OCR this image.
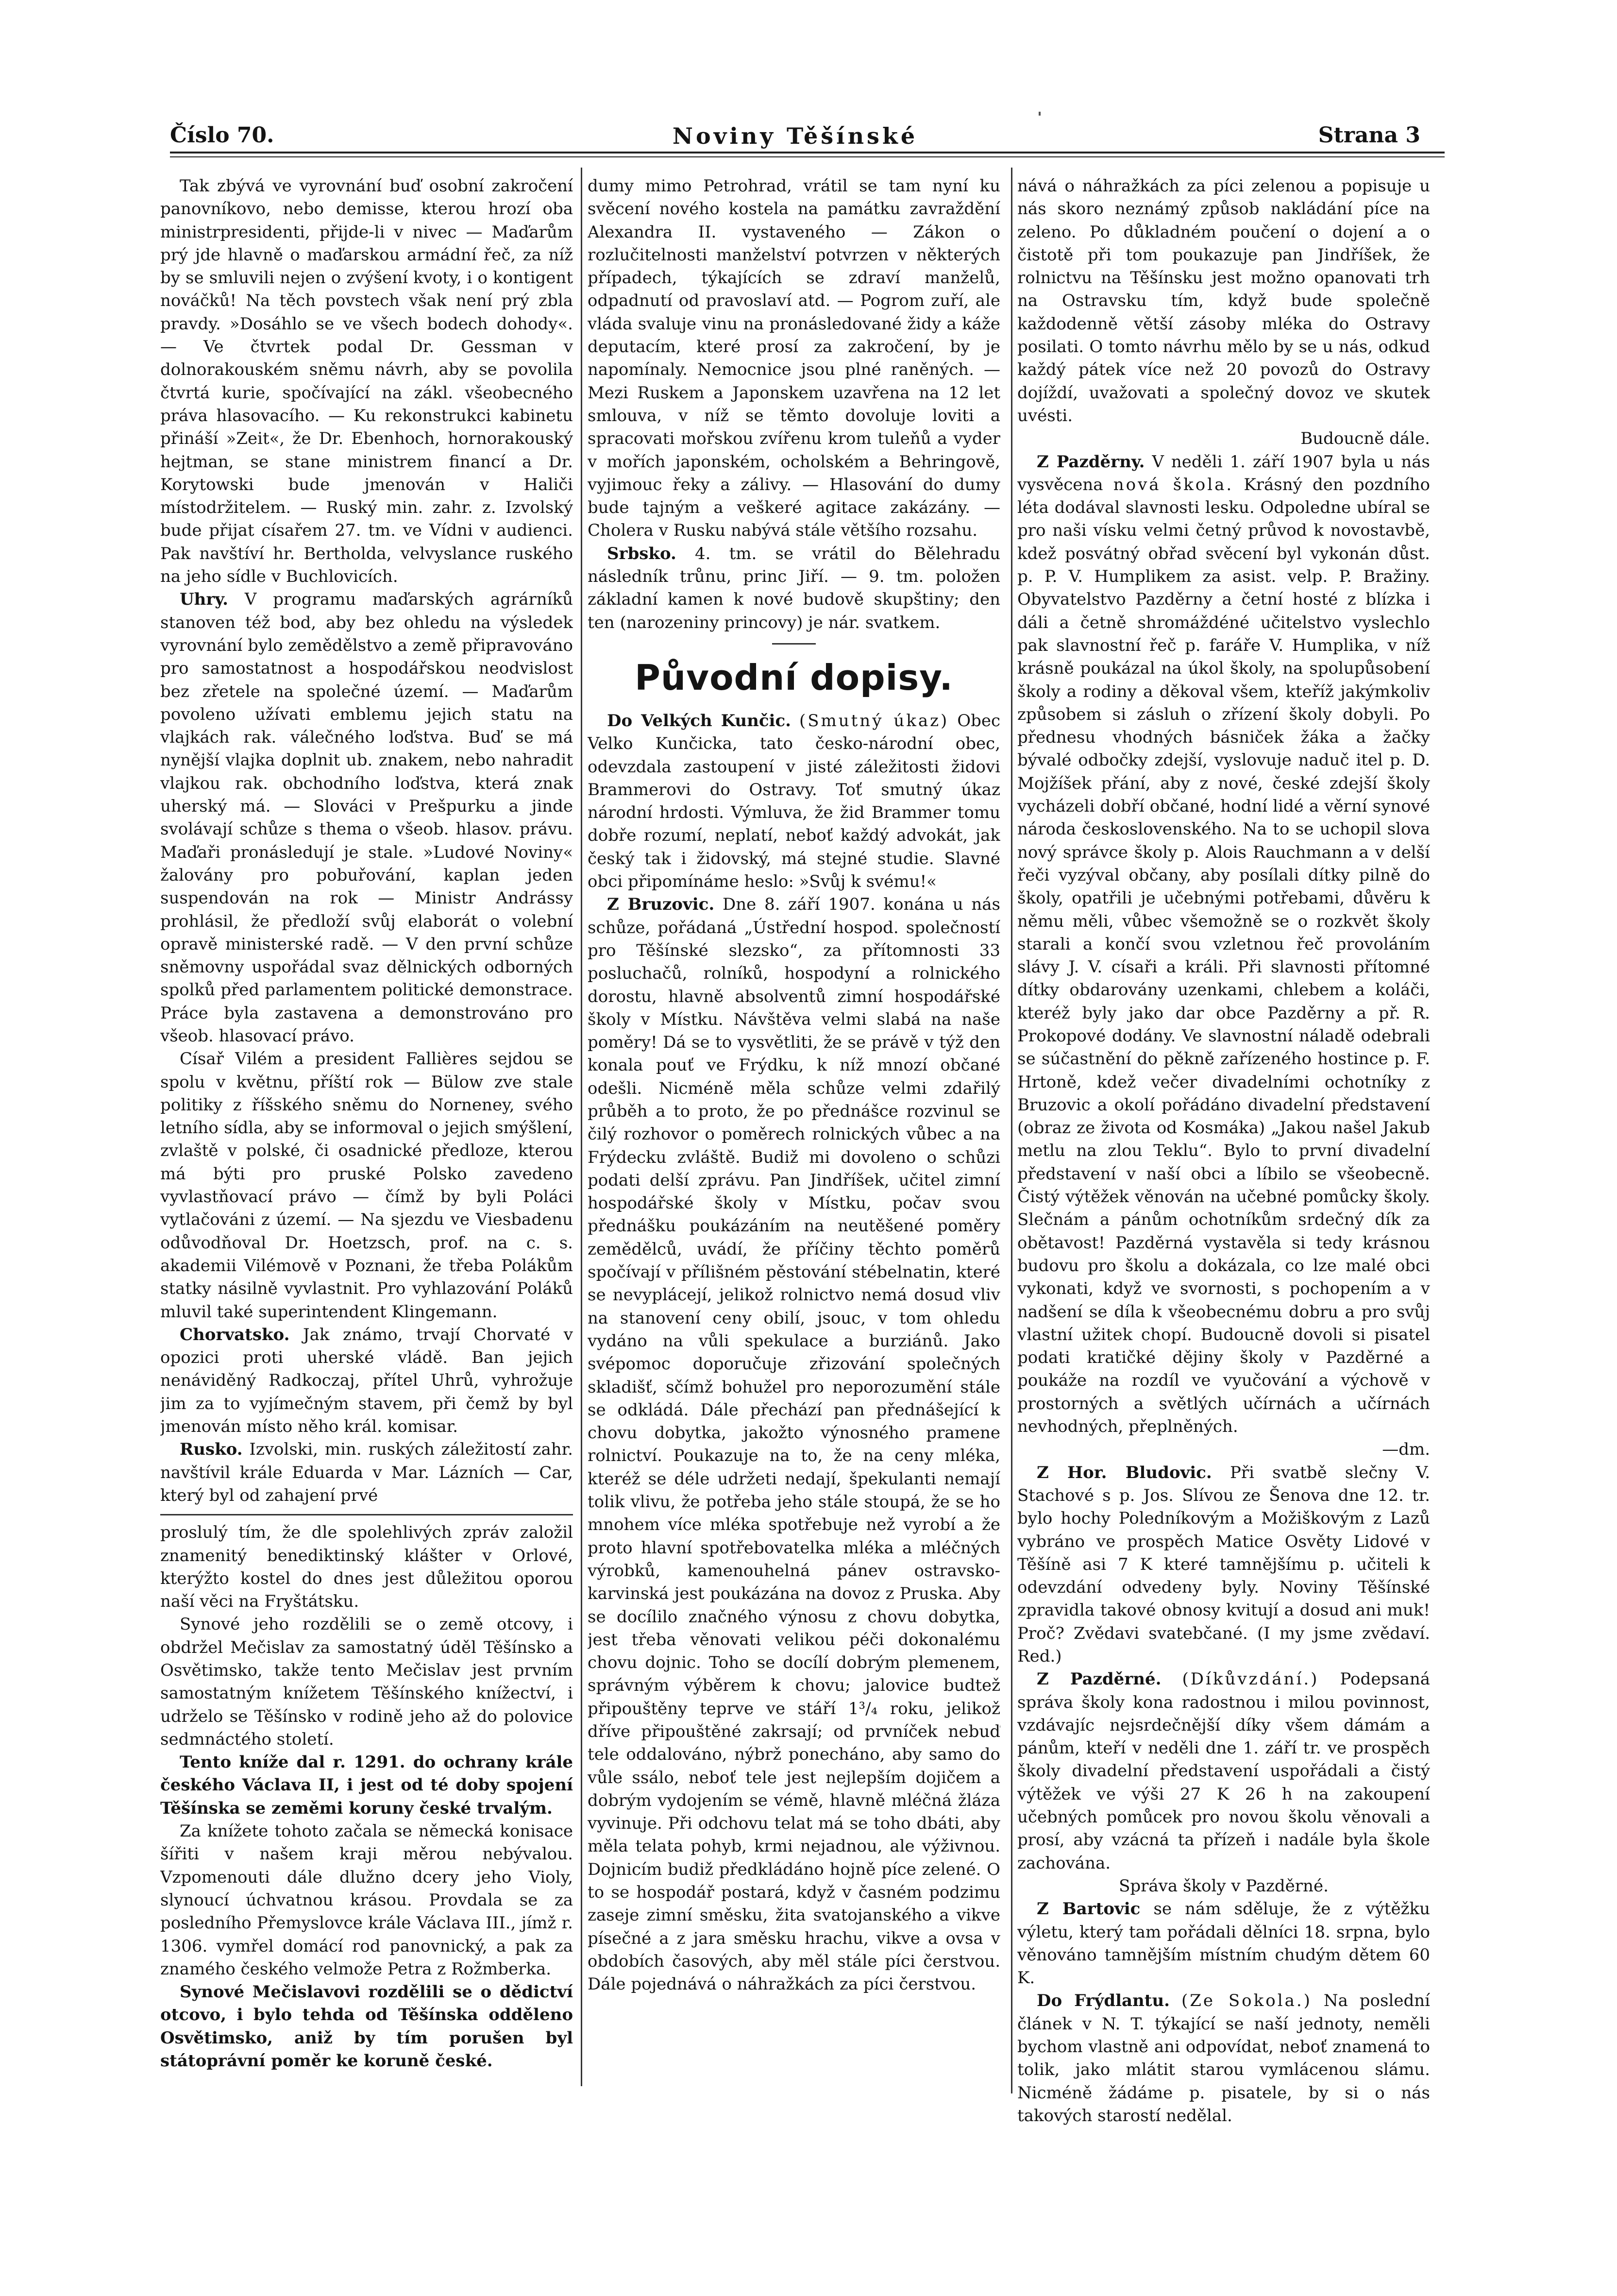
Číslo 70.	Noviny Těšínské	Strana 3

Tak zbývá ve vyrovnání buď osobní zakročení panovníkovo, nebo demisse, kterou hrozí oba ministrpresidenti, přijde-li v nivec — Maďarům prý jde hlavně o maďarskou armádní řeč, za níž by se smluvili nejen o zvýšení kvoty, i o kontigent nováčků! Na těch povstech však není prý zbla pravdy. »Dosáhlo se ve všech bodech dohody«. — Ve čtvrtek podal Dr. Gessman v dolnorakouském sněmu návrh, aby se povolila čtvrtá kurie, spočívající na zákl. všeobecného práva hlasovacího. — Ku rekonstrukci kabinetu přináší »Zeit«, že Dr. Ebenhoch, hornorakouský hejtman, se stane ministrem financí a Dr. Korytowski bude jmenován v Haliči místodržitelem. — Ruský min. zahr. z. Izvolský bude přijat císařem 27. tm. ve Vídni v audienci. Pak navštíví hr. Bertholda, velvyslance ruského na jeho sídle v Buchlovicích.

Uhry. V programu maďarských agrárníků stanoven též bod, aby bez ohledu na výsledek vyrovnání bylo zemědělstvo a země připravováno pro samostatnost a hospodářskou neodvislost bez zřetele na společné území. — Maďarům povoleno užívati emblemu jejich statu na vlajkách rak. válečného loďstva. Buď se má nynější vlajka doplnit ub. znakem, nebo nahradit vlajkou rak. obchodního loďstva, která znak uherský má. — Slováci v Prešpurku a jinde svolávají schůze s thema o všeob. hlasov. právu. Maďaři pronásledují je stale. »Ludové Noviny« žalovány pro pobuřování, kaplan jeden suspendován na rok — Ministr Andrássy prohlásil, že předloží svůj elaborát o volební opravě ministerské radě. — V den první schůze sněmovny uspořádal svaz dělnických odborných spolků před parlamentem politické demonstrace. Práce byla zastavena a demonstrováno pro všeob. hlasovací právo.

Císař Vilém a president Fallières sejdou se spolu v květnu, příští rok — Bülow zve stale politiky z říšského sněmu do Norneney, svého letního sídla, aby se informoval o jejich smýšlení, zvlaště v polské, či osadnické předloze, kterou má býti pro pruské Polsko zavedeno vyvlastňovací právo — čímž by byli Poláci vytlačováni z území. — Na sjezdu ve Viesbadenu odůvodňoval Dr. Hoetzsch, prof. na c. s. akademii Vilémově v Poznani, že třeba Polákům statky násilně vyvlastnit. Pro vyhlazování Poláků mluvil také superintendent Klingemann.

Chorvatsko. Jak známo, trvají Chorvaté v opozici proti uherské vládě. Ban jejich nenáviděný Radkoczaj, přítel Uhrů, vyhrožuje jim za to vyjímečným stavem, při čemž by byl jmenován místo něho král. komisar.

Rusko. Izvolski, min. ruských záležitostí zahr. navštívil krále Eduarda v Mar. Lázních — Car, který byl od zahajení prvé

proslulý tím, že dle spolehlivých zpráv založil znamenitý benediktinský klášter v Orlové, kterýžto kostel do dnes jest důležitou oporou naší věci na Fryštátsku.

Synové jeho rozdělili se o země otcovy, i obdržel Mečislav za samostatný úděl Těšínsko a Osvětimsko, takže tento Mečislav jest prvním samostatným knížetem Těšínského knížectví, i udrželo se Těšínsko v rodině jeho až do polovice sedmnáctého století.

Tento kníže dal r. 1291. do ochrany krále českého Václava II, i jest od té doby spojení Těšínska se zeměmi koruny české trvalým.

Za knížete tohoto začala se německá konisace šířiti v našem kraji měrou nebývalou. Vzpomenouti dále dlužno dcery jeho Violy, slynoucí úchvatnou krásou. Provdala se za posledního Přemyslovce krále Václava III., jímž r. 1306. vymřel domácí rod panovnický, a pak za znamého českého velmože Petra z Rožmberka.

Synové Mečislavovi rozdělili se o dědictví otcovo, i bylo tehda od Těšínska odděleno Osvětimsko, aniž by tím porušen byl státoprávní poměr ke koruně české.

dumy mimo Petrohrad, vrátil se tam nyní ku svěcení nového kostela na památku zavraždění Alexandra II. vystaveného — Zákon o rozlučitelnosti manželství potvrzen v některých případech, týkajících se zdraví manželů, odpadnutí od pravoslaví atd. — Pogrom zuří, ale vláda svaluje vinu na pronásledované židy a káže deputacím, které prosí za zakročení, by je napomínaly. Nemocnice jsou plné raněných. — Mezi Ruskem a Japonskem uzavřena na 12 let smlouva, v níž se těmto dovoluje loviti a spracovati mořskou zvířenu krom tuleňů a vyder v mořích japonském, ocholském a Behringově, vyjimouc řeky a zálivy. — Hlasování do dumy bude tajným a veškeré agitace zakázány. — Cholera v Rusku nabývá stále většího rozsahu.

Srbsko. 4. tm. se vrátil do Bělehradu následník trůnu, princ Jiří. — 9. tm. položen základní kamen k nové budově skupštiny; den ten (narozeniny princovy) je nár. svatkem.

Původní dopisy.

Do Velkých Kunčic. (Smutný úkaz) Obec Velko Kunčicka, tato česko-národní obec, odevzdala zastoupení v jisté záležitosti židovi Brammerovi do Ostravy. Toť smutný úkaz národní hrdosti. Výmluva, že žid Brammer tomu dobře rozumí, neplatí, neboť každý advokát, jak český tak i židovský, má stejné studie. Slavné obci připomínáme heslo: »Svůj k svému!«

Z Bruzovic. Dne 8. září 1907. konána u nás schůze, pořádaná „Ústřední hospod. společností pro Těšínské slezsko“, za přítomnosti 33 posluchačů, rolníků, hospodyní a rolnického dorostu, hlavně absolventů zimní hospodářské školy v Místku. Návštěva velmi slabá na naše poměry! Dá se to vysvětliti, že se právě v týž den konala pouť ve Frýdku, k níž mnozí občané odešli. Nicméně měla schůze velmi zdařilý průběh a to proto, že po přednášce rozvinul se čilý rozhovor o poměrech rolnických vůbec a na Frýdecku zvláště. Budiž mi dovoleno o schůzi podati delší zprávu. Pan Jindříšek, učitel zimní hospodářské školy v Místku, počav svou přednášku poukázáním na neutěšené poměry zemědělců, uvádí, že příčiny těchto poměrů spočívají v přílišném pěstování stébelnatin, které se nevyplácejí, jelikož rolnictvo nemá dosud vliv na stanovení ceny obilí, jsouc, v tom ohledu vydáno na vůli spekulace a burziánů. Jako svépomoc doporučuje zřizování společných skladišť, sčímž bohužel pro neporozumění stále se odkládá. Dále přechází pan přednášející k chovu dobytka, jakožto výnosného pramene rolnictví. Poukazuje na to, že na ceny mléka, kteréž se déle udržeti nedají, špekulanti nemají tolik vlivu, že potřeba jeho stále stoupá, že se ho mnohem více mléka spotřebuje než vyrobí a že proto hlavní spotřebovatelka mléka a mléčných výrobků, kamenouhelná pánev ostravsko-karvinská jest poukázána na dovoz z Pruska. Aby se docílilo značného výnosu z chovu dobytka, jest třeba věnovati velikou péči dokonalému chovu dojnic. Toho se docílí dobrým plemenem, správným výběrem k chovu; jalovice budtež připouštěny teprve ve stáří 1³/₄ roku, jelikož dříve připouštěné zakrsají; od prvníček nebuď tele oddalováno, nýbrž ponecháno, aby samo do vůle ssálo, neboť tele jest nejlepším dojičem a dobrým vydojením se vémě, hlavně mléčná žláza vyvinuje. Při odchovu telat má se toho dbáti, aby měla telata pohyb, krmi nejadnou, ale výživnou. Dojnicím budiž předkládáno hojně píce zelené. O to se hospodář postará, když v časném podzimu zaseje zimní směsku, žita svatojanského a vikve písečné a z jara směsku hrachu, vikve a ovsa v obdobích časových, aby měl stále píci čerstvou. Dále pojednává o náhražkách za píci čerstvou.

nává o náhražkách za píci zelenou a popisuje u nás skoro neznámý způsob nakládání píce na zeleno. Po důkladném poučení o dojení a o čistotě při tom poukazuje pan Jindříšek, že rolnictvu na Těšínsku jest možno opanovati trh na Ostravsku tím, když bude společně každodenně větší zásoby mléka do Ostravy posilati. O tomto návrhu mělo by se u nás, odkud každý pátek více než 20 povozů do Ostravy dojíždí, uvažovati a společný dovoz ve skutek uvésti.

Budoucně dále.

Z Pazděrny. V neděli 1. září 1907 byla u nás vysvěcena nová škola. Krásný den pozdního léta dodával slavnosti lesku. Odpoledne ubíral se pro naši vísku velmi četný průvod k novostavbě, kdež posvátný obřad svěcení byl vykonán důst. p. P. V. Humplikem za asist. velp. P. Bražiny. Obyvatelstvo Pazděrny a četní hosté z blízka i dáli a četně shromáždéné učitelstvo vyslechlo pak slavnostní řeč p. faráře V. Humplika, v níž krásně poukázal na úkol školy, na spolupůsobení školy a rodiny a děkoval všem, kteříž jakýmkoliv způsobem si zásluh o zřízení školy dobyli. Po přednesu vhodných básniček žáka a žačky bývalé odbočky zdejší, vyslovuje naduč itel p. D. Mojžíšek přání, aby z nové, české zdejší školy vycházeli dobří občané, hodní lidé a věrní synové národa československého. Na to se uchopil slova nový správce školy p. Alois Rauchmann a v delší řeči vyzýval občany, aby posílali dítky pilně do školy, opatřili je učebnými potřebami, důvěru k němu měli, vůbec všemožně se o rozkvět školy starali a končí svou vzletnou řeč provoláním slávy J. V. císaři a králi. Při slavnosti přítomné dítky obdarovány uzenkami, chlebem a koláči, kteréž byly jako dar obce Pazděrny a př. R. Prokopové dodány. Ve slavnostní náladě odebrali se súčastnění do pěkně zařízeného hostince p. F. Hrtoně, kdež večer divadelními ochotníky z Bruzovic a okolí pořádáno divadelní představení (obraz ze života od Kosmáka) „Jakou našel Jakub metlu na zlou Teklu“. Bylo to první divadelní představení v naší obci a líbilo se všeobecně. Čistý výtěžek věnován na učebné pomůcky školy. Slečnám a pánům ochotníkům srdečný dík za obětavost! Pazděrná vystavěla si tedy krásnou budovu pro školu a dokázala, co lze malé obci vykonati, když ve svornosti, s pochopením a v nadšení se díla k všeobecnému dobru a pro svůj vlastní užitek chopí. Budoucně dovoli si pisatel podati kratičké dějiny školy v Pazděrné a poukáže na rozdíl ve vyučování a výchově v prostorných a světlých učírnách a učírnách nevhodných, přeplněných.

—dm.

Z Hor. Bludovic. Při svatbě slečny V. Stachové s p. Jos. Slívou ze Šenova dne 12. tr. bylo hochy Poledníkovým a Možiškovým z Lazů vybráno ve prospěch Matice Osvěty Lidové v Těšíně asi 7 K které tamnějšímu p. učiteli k odevzdání odvedeny byly. Noviny Těšínské zpravidla takové obnosy kvitují a dosud ani muk! Proč? Zvědavi svatebčané. (I my jsme zvědaví. Red.)

Z Pazděrné. (Díkůvzdání.) Podepsaná správa školy kona radostnou i milou povinnost, vzdávajíc nejsrdečnější díky všem dámám a pánům, kteří v neděli dne 1. září tr. ve prospěch školy divadelní představení uspořádali a čistý výtěžek ve výši 27 K 26 h na zakoupení učebných pomůcek pro novou školu věnovali a prosí, aby vzácná ta přízeň i nadále byla škole zachována.

Správa školy v Pazděrné.

Z Bartovic se nám sděluje, že z výtěžku výletu, který tam pořádali dělníci 18. srpna, bylo věnováno tamnějším místním chudým dětem 60 K.

Do Frýdlantu. (Ze Sokola.) Na poslední článek v N. T. týkající se naší jednoty, neměli bychom vlastně ani odpovídat, neboť znamená to tolik, jako mlátit starou vymlácenou slámu. Nicméně žádáme p. pisatele, by si o nás takových starostí nedělal.
